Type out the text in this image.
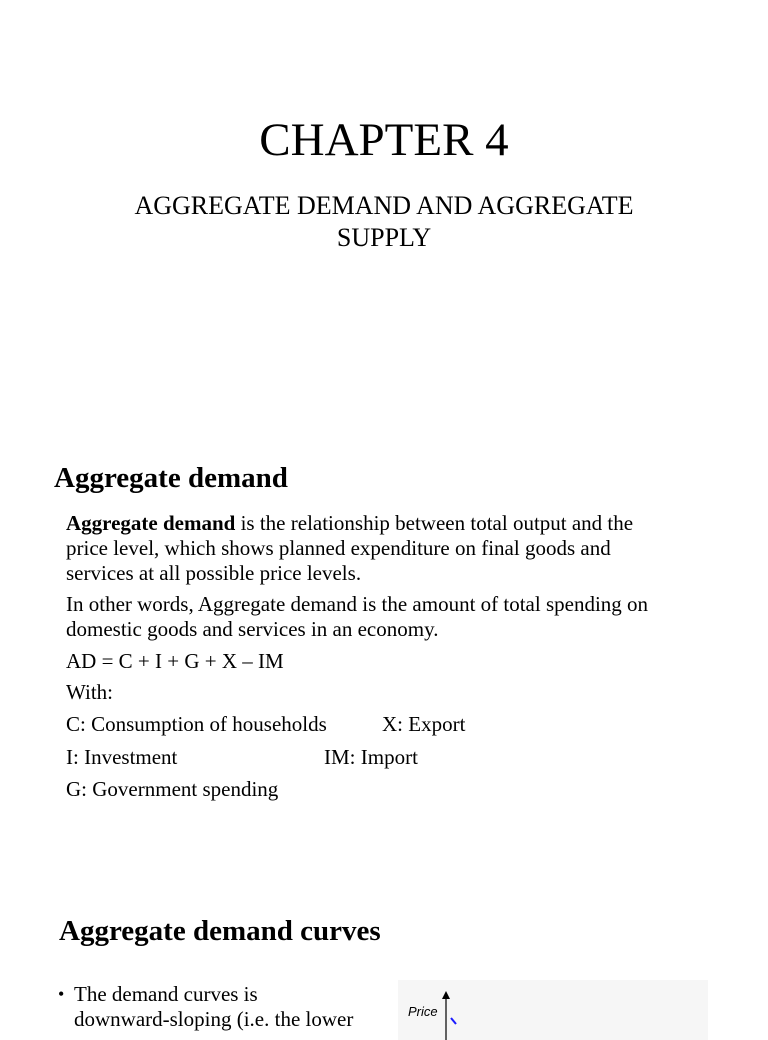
CHAPTER 4
AGGREGATE DEMAND AND AGGREGATE
SUPPLY
Aggregate demand
Aggregate demand is the relationship between total output and the
price level, which shows planned expenditure on final goods and
services at all possible price levels.
In other words, Aggregate demand is the amount of total spending on
domestic goods and services in an economy.
AD = C + I + G + X – IM
With:
C: Consumption of households	X: Export
I: Investment	IM: Import
G: Government spending
Aggregate demand curves
• The demand curves is
downward-sloping (i.e. the lower	Price
